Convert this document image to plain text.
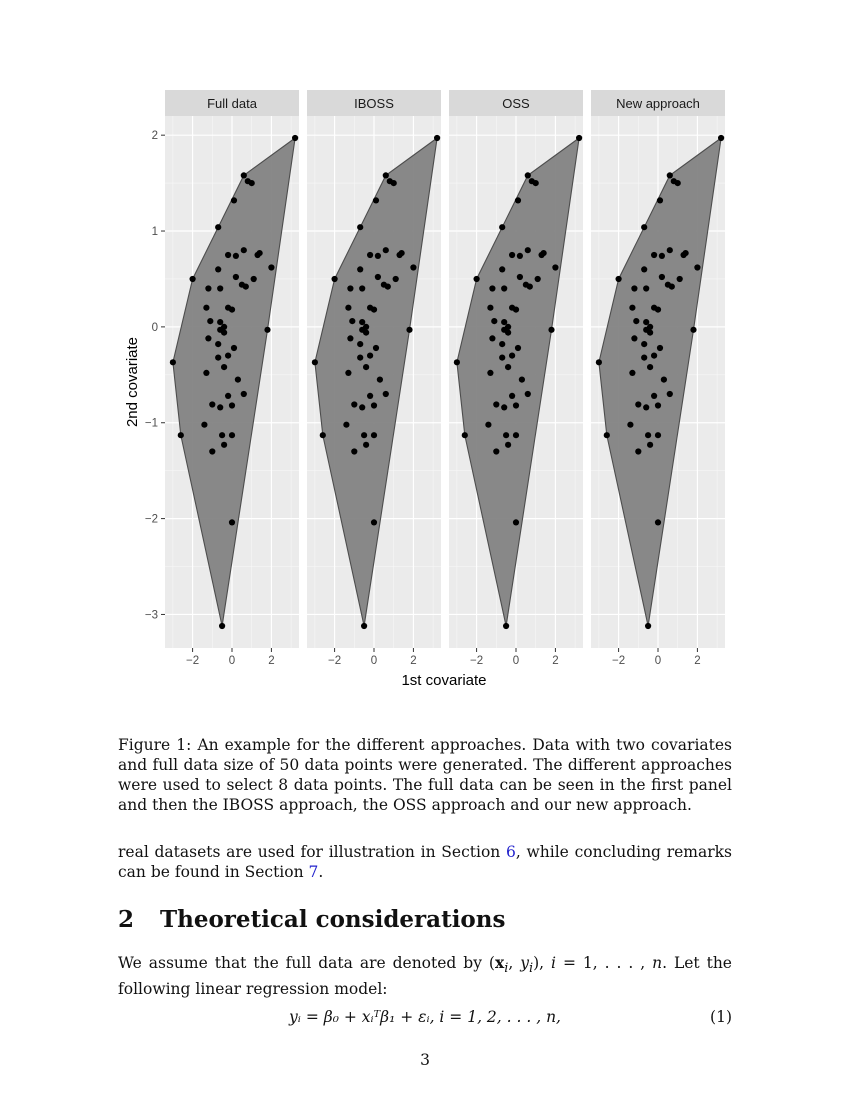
Full data
−2	0	2
IBOSS
−2	0	2
OSS
−2	0	2
New approach
−2	0	2
2
1
0
−1
−2
−3
1st covariate
2nd covariate

Figure 1: An example for the different approaches. Data with two covariates and full data size of 50 data points were generated. The different approaches were used to select 8 data points. The full data can be seen in the first panel and then the IBOSS approach, the OSS approach and our new approach.

real datasets are used for illustration in Section 6, while concluding remarks can be found in Section 7.

2 Theoretical considerations

We assume that the full data are denoted by ($x_i$, $y_i$), i = 1, . . . , n. Let the following linear regression model:

yᵢ = β₀ + xᵢᵀβ₁ + εᵢ, i = 1, 2, . . . , n,	(1)
3
